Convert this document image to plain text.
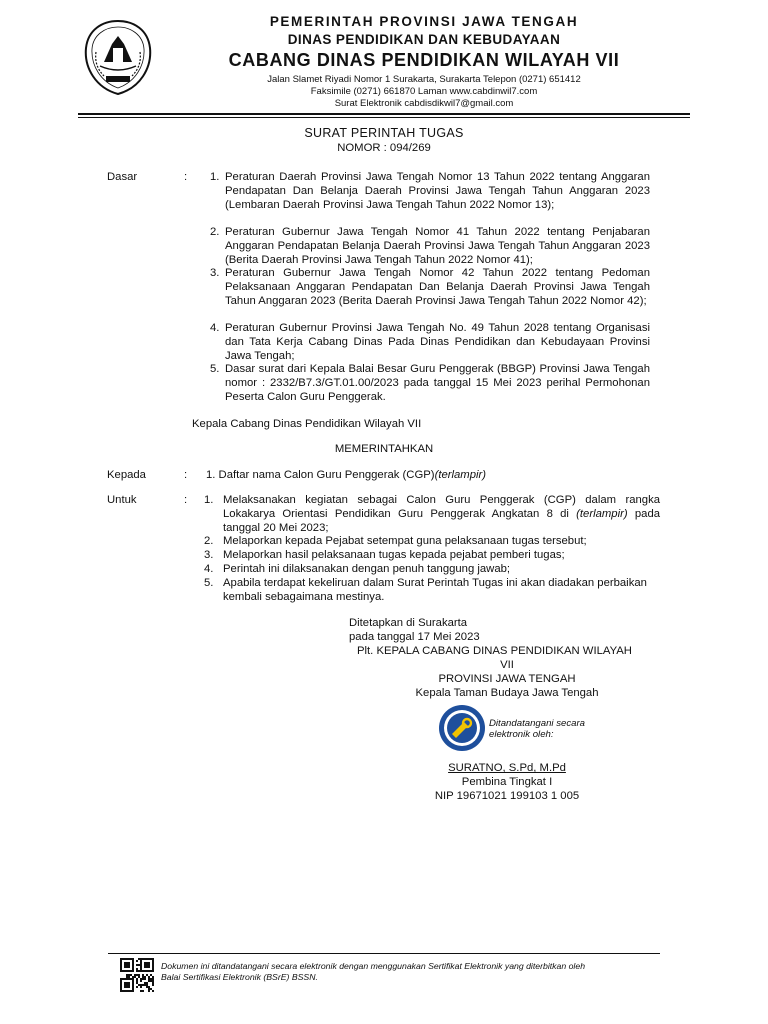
PEMERINTAH PROVINSI JAWA TENGAH
DINAS PENDIDIKAN DAN KEBUDAYAAN
CABANG DINAS PENDIDIKAN WILAYAH VII
Jalan Slamet Riyadi Nomor 1 Surakarta, Surakarta Telepon (0271) 651412
Faksimile (0271) 661870 Laman www.cabdinwil7.com
Surat Elektronik cabdisdikwil7@gmail.com
SURAT PERINTAH TUGAS
NOMOR : 094/269
Dasar	: 1. Peraturan Daerah Provinsi Jawa Tengah Nomor 13 Tahun 2022 tentang Anggaran Pendapatan Dan Belanja Daerah Provinsi Jawa Tengah Tahun Anggaran 2023 (Lembaran Daerah Provinsi Jawa Tengah Tahun 2022 Nomor 13);
2. Peraturan Gubernur Jawa Tengah Nomor 41 Tahun 2022 tentang Penjabaran Anggaran Pendapatan Belanja Daerah Provinsi Jawa Tengah Tahun Anggaran 2023 (Berita Daerah Provinsi Jawa Tengah Tahun 2022 Nomor 41);
3. Peraturan Gubernur Jawa Tengah Nomor 42 Tahun 2022 tentang Pedoman Pelaksanaan Anggaran Pendapatan Dan Belanja Daerah Provinsi Jawa Tengah Tahun Anggaran 2023 (Berita Daerah Provinsi Jawa Tengah Tahun 2022 Nomor 42);
4. Peraturan Gubernur Provinsi Jawa Tengah No. 49 Tahun 2028 tentang Organisasi dan Tata Kerja Cabang Dinas Pada Dinas Pendidikan dan Kebudayaan Provinsi Jawa Tengah;
5. Dasar surat dari Kepala Balai Besar Guru Penggerak (BBGP) Provinsi Jawa Tengah nomor : 2332/B7.3/GT.01.00/2023 pada tanggal 15 Mei 2023 perihal Permohonan Peserta Calon Guru Penggerak.
Kepala Cabang Dinas Pendidikan Wilayah VII
MEMERINTAHKAN
Kepada	: 1. Daftar nama Calon Guru Penggerak (CGP)(terlampir)
Untuk	: 1. Melaksanakan kegiatan sebagai Calon Guru Penggerak (CGP) dalam rangka Lokakarya Orientasi Pendidikan Guru Penggerak Angkatan 8 di (terlampir) pada tanggal 20 Mei 2023;
2. Melaporkan kepada Pejabat setempat guna pelaksanaan tugas tersebut;
3. Melaporkan hasil pelaksanaan tugas kepada pejabat pemberi tugas;
4. Perintah ini dilaksanakan dengan penuh tanggung jawab;
5. Apabila terdapat kekeliruan dalam Surat Perintah Tugas ini akan diadakan perbaikan kembali sebagaimana mestinya.
Ditetapkan di Surakarta
pada tanggal 17 Mei 2023
Plt. KEPALA CABANG DINAS PENDIDIKAN WILAYAH
VII
PROVINSI JAWA TENGAH
Kepala Taman Budaya Jawa Tengah
Ditandatangani secara
elektronik oleh:
SURATNO, S.Pd, M.Pd
Pembina Tingkat I
NIP 19671021 199103 1 005
Dokumen ini ditandatangani secara elektronik dengan menggunakan Sertifikat Elektronik yang diterbitkan oleh
Balai Sertifikasi Elektronik (BSrE) BSSN.
